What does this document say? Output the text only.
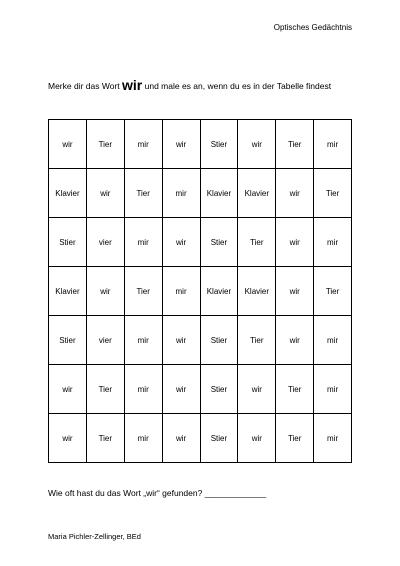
Optisches Gedächtnis
Merke dir das Wort wir und male es an, wenn du es in der Tabelle findest
wir	Tier	mir	wir	Stier	wir	Tier	mir
Klavier	wir	Tier	mir	Klavier	Klavier	wir	Tier
Stier	vier	mir	wir	Stier	Tier	wir	mir
Klavier	wir	Tier	mir	Klavier	Klavier	wir	Tier
Stier	vier	mir	wir	Stier	Tier	wir	mir
wir	Tier	mir	wir	Stier	wir	Tier	mir
wir	Tier	mir	wir	Stier	wir	Tier	mir
Wie oft hast du das Wort „wir“ gefunden? _____________
Maria Pichler-Zellinger, BEd
